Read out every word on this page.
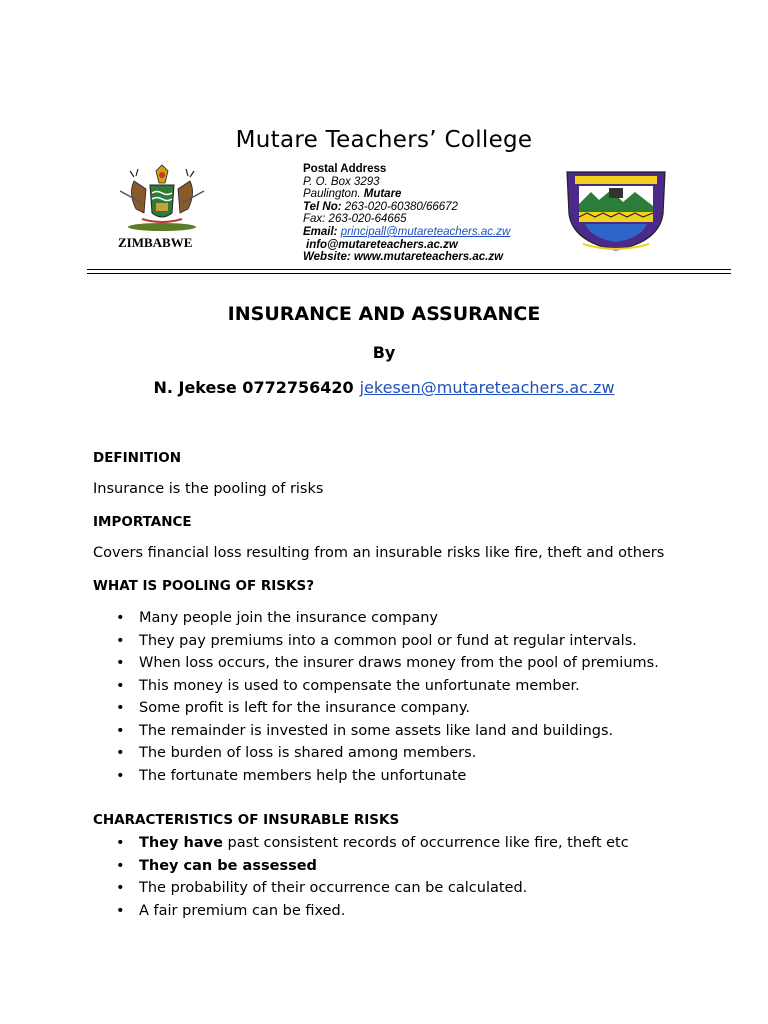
Mutare Teachers’ College
ZIMBABWE
Postal Address
P. O. Box 3293
Paulington. Mutare
Tel No: 263-020-60380/66672
Fax: 263-020-64665
Email: principall@mutareteachers.ac.zw
info@mutareteachers.ac.zw
Website: www.mutareteachers.ac.zw
INSURANCE AND ASSURANCE
By
N. Jekese 0772756420 jekesen@mutareteachers.ac.zw
DEFINITION
Insurance is the pooling of risks
IMPORTANCE
Covers financial loss resulting from an insurable risks like fire, theft and others
WHAT IS POOLING OF RISKS?
• Many people join the insurance company
• They pay premiums into a common pool or fund at regular intervals.
• When loss occurs, the insurer draws money from the pool of premiums.
• This money is used to compensate the unfortunate member.
• Some profit is left for the insurance company.
• The remainder is invested in some assets like land and buildings.
• The burden of loss is shared among members.
• The fortunate members help the unfortunate
CHARACTERISTICS OF INSURABLE RISKS
• They have past consistent records of occurrence like fire, theft etc
• They can be assessed
• The probability of their occurrence can be calculated.
• A fair premium can be fixed.
